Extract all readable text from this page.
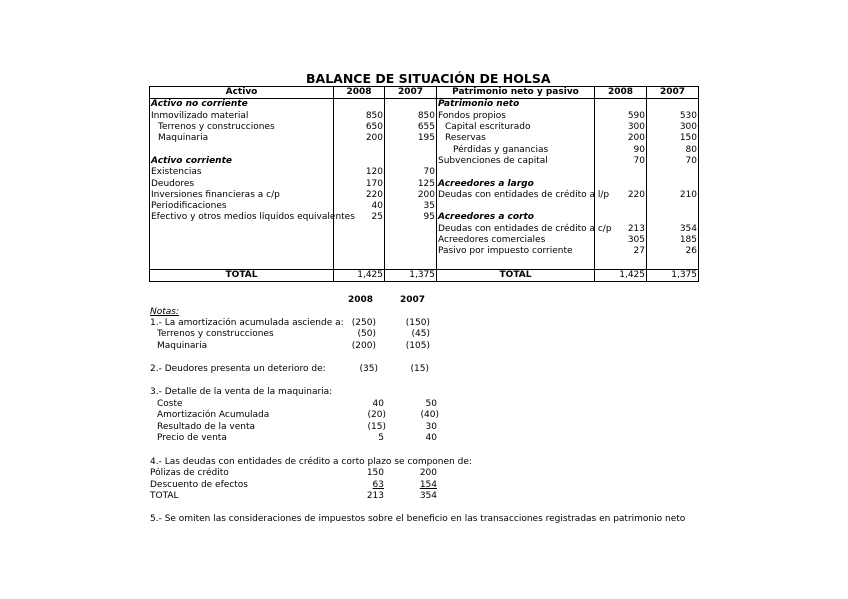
BALANCE DE SITUACIÓN DE HOLSA
Activo	2008	2007	Patrimonio neto y pasivo	2008	2007
Activo no corriente			Patrimonio neto		
Inmovilizado material	850	850	Fondos propios	590	530
Terrenos y construcciones	650	655	Capital escriturado	300	300
Maquinaria	200	195	Reservas	200	150
			Pérdidas y ganancias	90	80
Activo corriente			Subvenciones de capital	70	70
Existencias	120	70			
Deudores	170	125	Acreedores a largo		
Inversiones financieras a c/p	220	200	Deudas con entidades de crédito a l/p	220	210
Periodificaciones	40	35			
Efectivo y otros medios líquidos equivalentes	25	95	Acreedores a corto		
			Deudas con entidades de crédito a c/p	213	354
			Acreedores comerciales	305	185
			Pasivo por impuesto corriente	27	26

TOTAL	1,425	1,375	TOTAL	1,425	1,375
2008	2007
Notas:
1.- La amortización acumulada asciende a: (250)	(150)
Terrenos y construcciones	(50)	(45)
Maquinaria	(200)	(105)
2.- Deudores presenta un deterioro de:	(35)	(15)
3.- Detalle de la venta de la maquinaria:
Coste	40	50
Amortización Acumulada	(20)	(40)
Resultado de la venta	(15)	30
Precio de venta	5	40
4.- Las deudas con entidades de crédito a corto plazo se componen de:
Pólizas de crédito	150	200
Descuento de efectos	63	154
TOTAL	213	354
5.- Se omiten las consideraciones de impuestos sobre el beneficio en las transacciones registradas en patrimonio neto
